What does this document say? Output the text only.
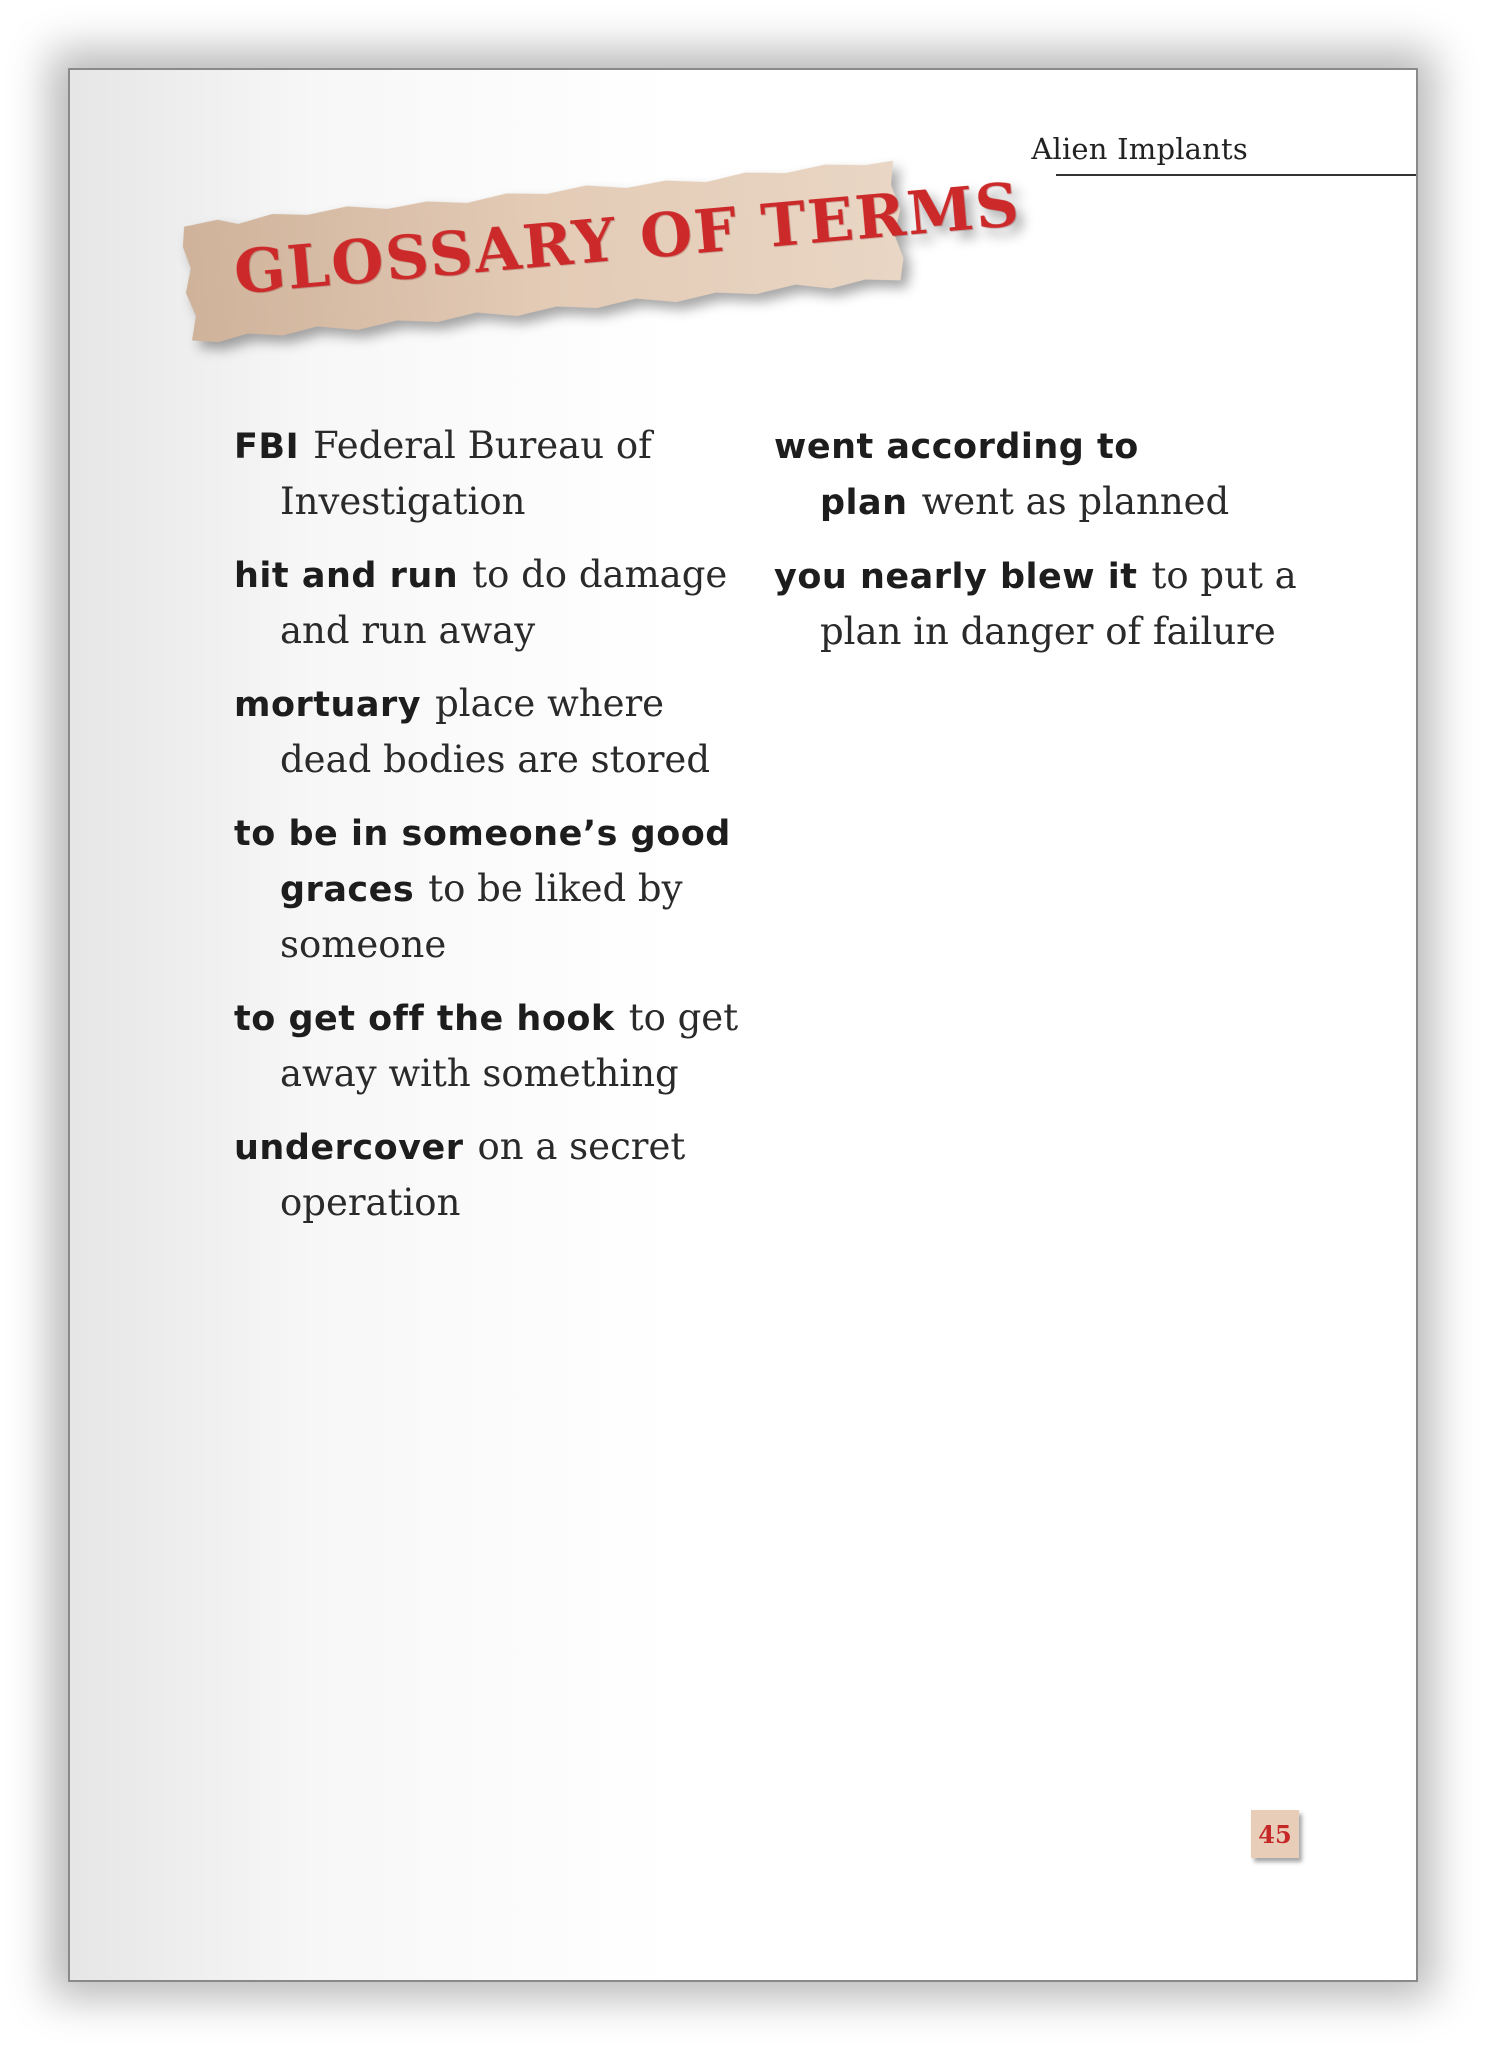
Alien Implants
GLOSSARY OF TERMS
FBI Federal Bureau of Investigation
hit and run to do damage and run away
mortuary place where dead bodies are stored
to be in someone’s good graces to be liked by someone
to get off the hook to get away with something
undercover on a secret operation
went according to plan went as planned
you nearly blew it to put a plan in danger of failure
45
